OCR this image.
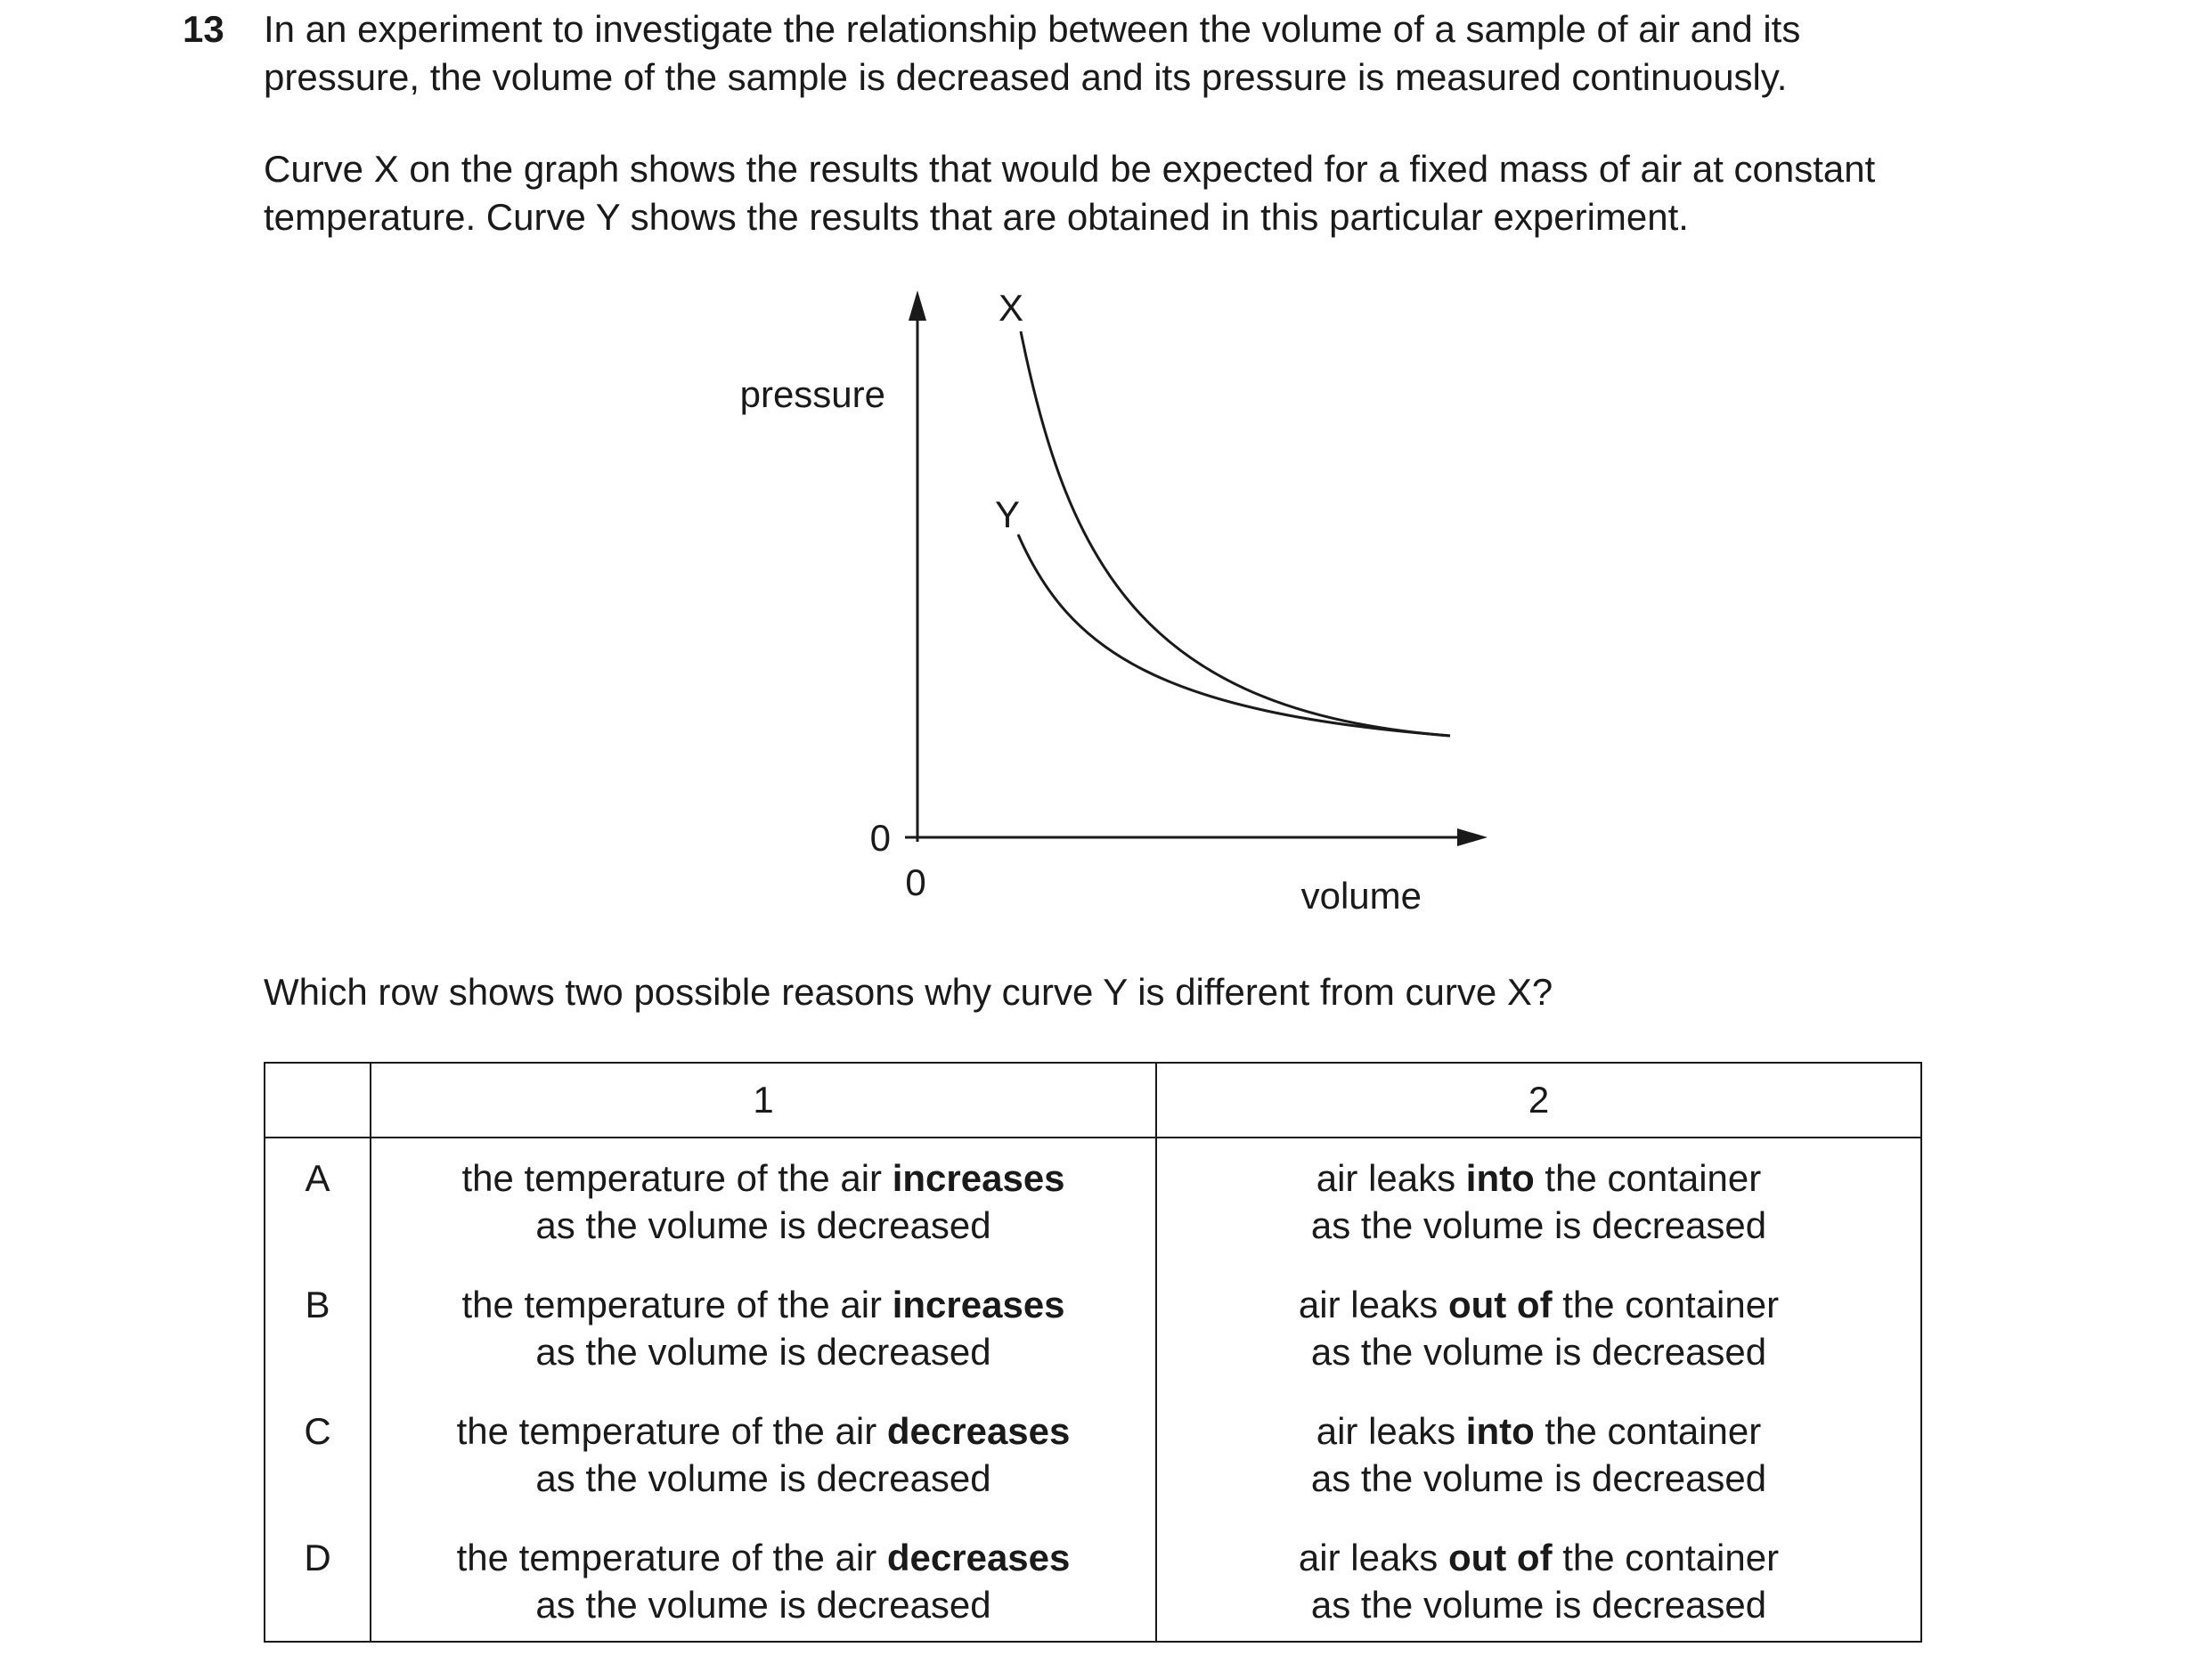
13 In an experiment to investigate the relationship between the volume of a sample of air and its
pressure, the volume of the sample is decreased and its pressure is measured continuously.
Curve X on the graph shows the results that would be expected for a fixed mass of air at constant
temperature. Curve Y shows the results that are obtained in this particular experiment.
X
Y
pressure
volume
0
0
Which row shows two possible reasons why curve Y is different from curve X?
	1	2
A	the temperature of the air increases
as the volume is decreased	air leaks into the container
as the volume is decreased

B	the temperature of the air increases
as the volume is decreased	air leaks out of the container
as the volume is decreased

C	the temperature of the air decreases
as the volume is decreased	air leaks into the container
as the volume is decreased

D	the temperature of the air decreases
as the volume is decreased	air leaks out of the container
as the volume is decreased
